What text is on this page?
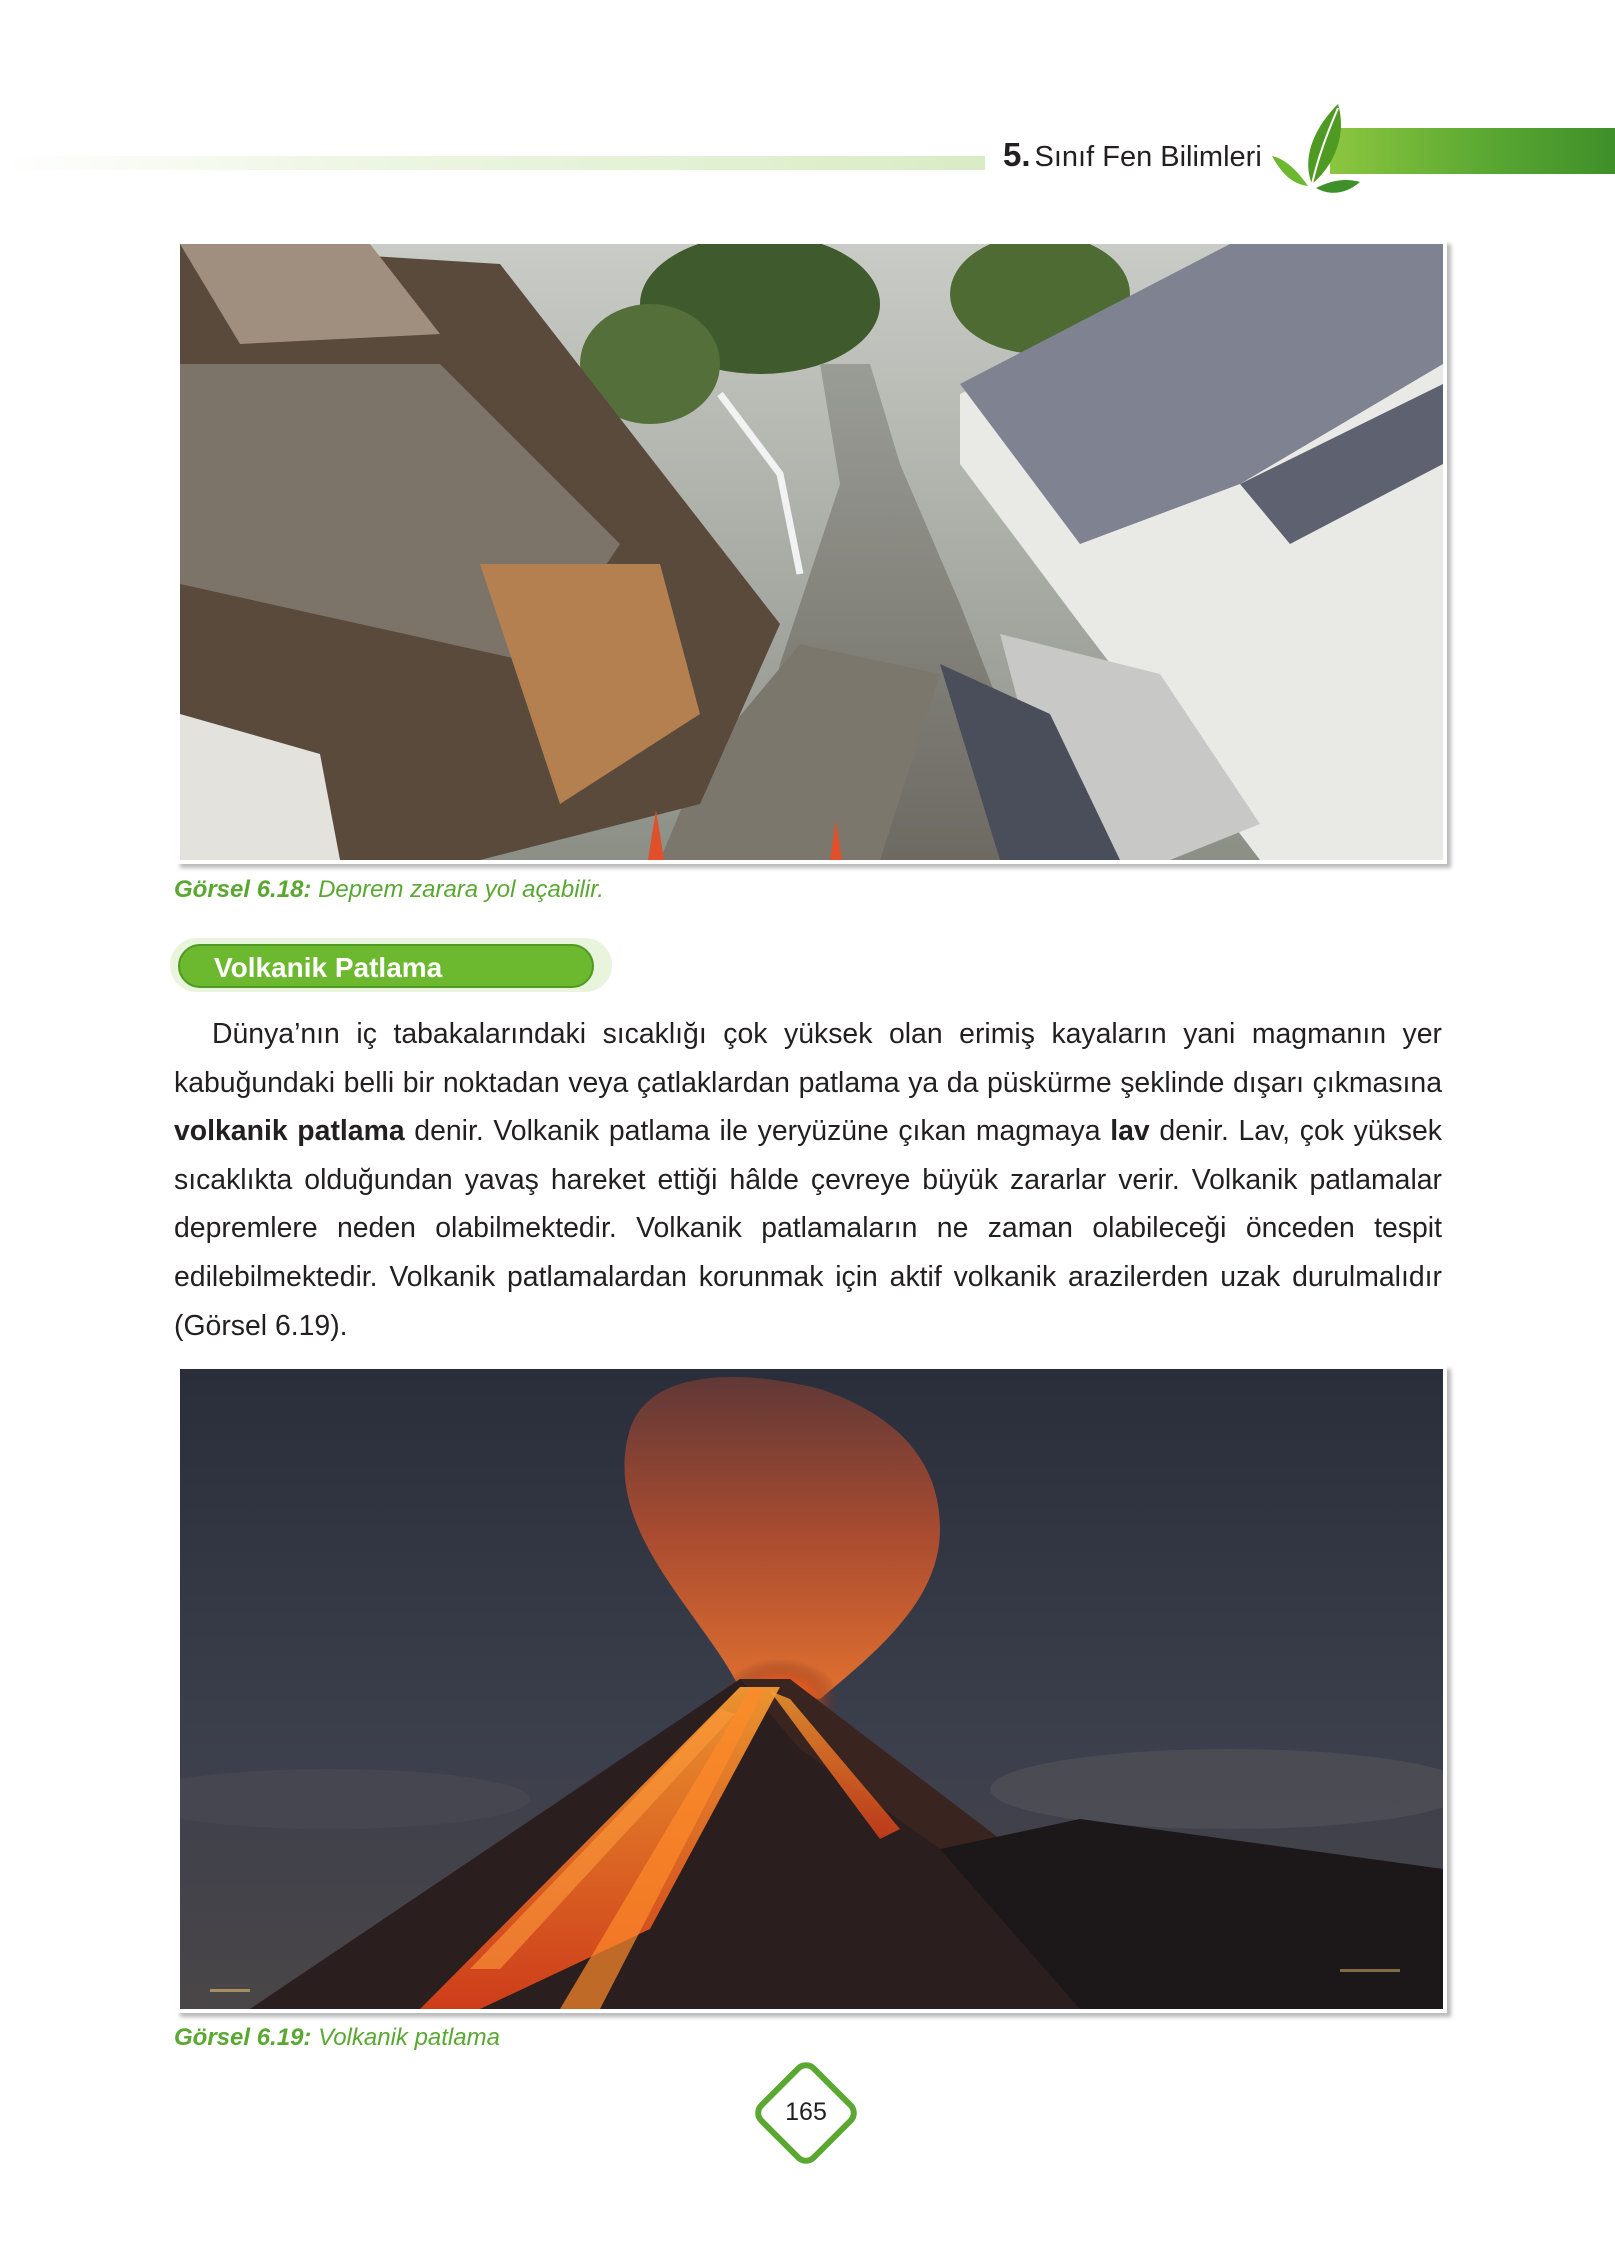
5. Sınıf Fen Bilimleri
Görsel 6.18: Deprem zarara yol açabilir.
Volkanik Patlama

Dünya’nın iç tabakalarındaki sıcaklığı çok yüksek olan erimiş kayaların yani magmanın yer kabuğundaki belli bir noktadan veya çatlaklardan patlama ya da püskürme şeklinde dışarı çıkmasına volkanik patlama denir. Volkanik patlama ile yeryüzüne çıkan magmaya lav denir. Lav, çok yüksek sıcaklıkta olduğundan yavaş hareket ettiği hâlde çevreye büyük zararlar verir. Volkanik patlamalar depremlere neden olabilmektedir. Volkanik patlamaların ne zaman olabileceği önceden tespit edilebilmektedir. Volkanik patlamalardan korunmak için aktif volkanik arazilerden uzak durulmalıdır (Görsel 6.19).

Görsel 6.19: Volkanik patlama
165
